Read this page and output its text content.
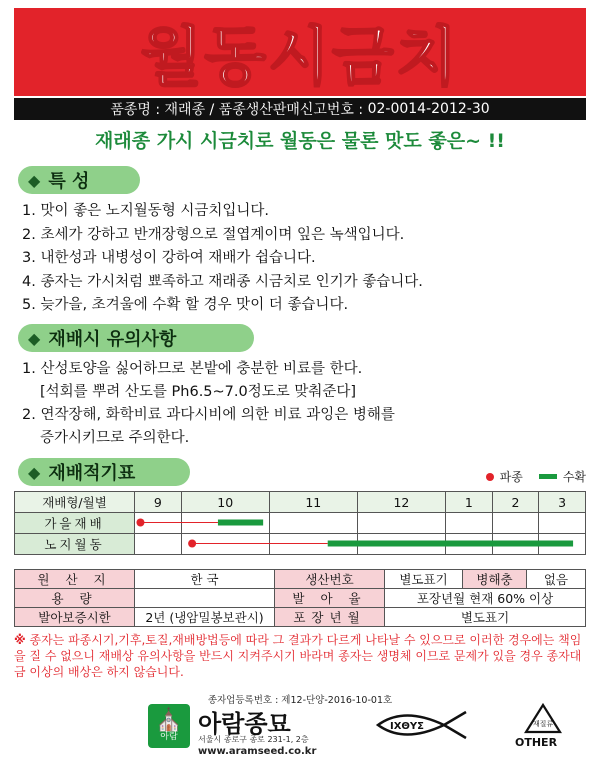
월동시금치
품종명 : 재래종 / 품종생산판매신고번호 : 02-0014-2012-30
재래종 가시 시금치로 월동은 물론 맛도 좋은~ !!
◆ 특 성
1. 맛이 좋은 노지월동형 시금치입니다.
2. 초세가 강하고 반개장형으로 절엽계이며 잎은 녹색입니다.
3. 내한성과 내병성이 강하여 재배가 쉽습니다.
4. 종자는 가시처럼 뾰족하고 재래종 시금치로 인기가 좋습니다.
5. 늦가을, 초겨울에 수확 할 경우 맛이 더 좋습니다.
◆ 재배시 유의사항
1. 산성토양을 싫어하므로 본밭에 충분한 비료를 한다.
[석회를 뿌려 산도를 Ph6.5~7.0정도로 맞춰준다]
2. 연작장해, 화학비료 과다시비에 의한 비료 과잉은 병해를
증가시키므로 주의한다.
◆ 재배적기표	파종	수확
재배형/월별	9	10	11	12	1	2	3
가을재배							
노지월동							
원 산 지	한 국	생산번호	별도표기	병해충	없음
용 량		발 아 율	포장년월 현재 60% 이상		
발아보증시한	2년 (냉암밀봉보관시)	포장년월	별도표기		
※ 종자는 파종시기,기후,토질,재배방법등에 따라 그 결과가 다르게 나타날 수 있으므로 이러한 경우에는 책임을 질 수 없으니 재배상 유의사항을 반드시 지켜주시기 바라며 종자는 생명체 이므로 문제가 있을 경우 종자대금 이상의 배상은 하지 않습니다.
종자업등록번호 : 제12-단양-2016-10-01호
⛪
아람 아람종묘
서울시 종로구 종로 231-1, 2층
www.aramseed.co.kr
IXΘYΣ	재질류
OTHER
